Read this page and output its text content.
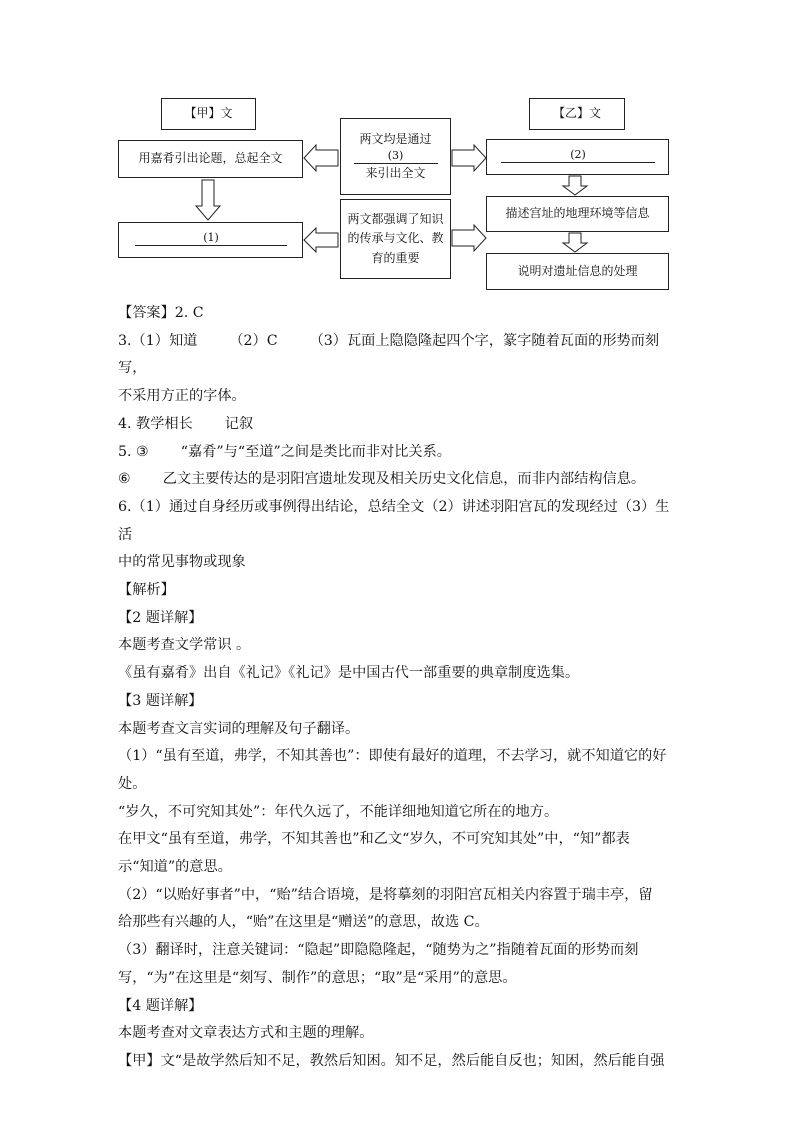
【甲】文	【乙】文
用嘉肴引出论题，总起全文
(1)
两文均是通过
(3)
来引出全文
两文都强调了知识的传承与文化、教育的重要
(2)
描述宫址的地理环境等信息
说明对遗址信息的处理

【答案】2. C

3.（1）知道 （2）C （3）瓦面上隐隐隆起四个字，篆字随着瓦面的形势而刻写，

不采用方正的字体。

4. 教学相长 记叙

5. ③ “嘉肴”与“至道”之间是类比而非对比关系。

⑥ 乙文主要传达的是羽阳宫遗址发现及相关历史文化信息，而非内部结构信息。

6.（1）通过自身经历或事例得出结论，总结全文（2）讲述羽阳宫瓦的发现经过（3）生活

中的常见事物或现象

【解析】

【2 题详解】

本题考查文学常识 。

《虽有嘉肴》出自《礼记》《礼记》是中国古代一部重要的典章制度选集。

【3 题详解】

本题考查文言实词的理解及句子翻译。

（1）“虽有至道，弗学，不知其善也”：即使有最好的道理，不去学习，就不知道它的好

处。

“岁久，不可究知其处”：年代久远了，不能详细地知道它所在的地方。

在甲文“虽有至道，弗学，不知其善也”和乙文“岁久，不可究知其处”中，“知”都表

示“知道”的意思。

（2）“以贻好事者”中，“贻”结合语境，是将摹刻的羽阳宫瓦相关内容置于瑞丰亭，留

给那些有兴趣的人，“贻”在这里是“赠送”的意思，故选 C。

（3）翻译时，注意关键词：“隐起”即隐隐隆起，“随势为之”指随着瓦面的形势而刻

写，“为”在这里是“刻写、制作”的意思；“取”是“采用”的意思。

【4 题详解】

本题考查对文章表达方式和主题的理解。

【甲】文“是故学然后知不足，教然后知困。知不足，然后能自反也；知困，然后能自强
